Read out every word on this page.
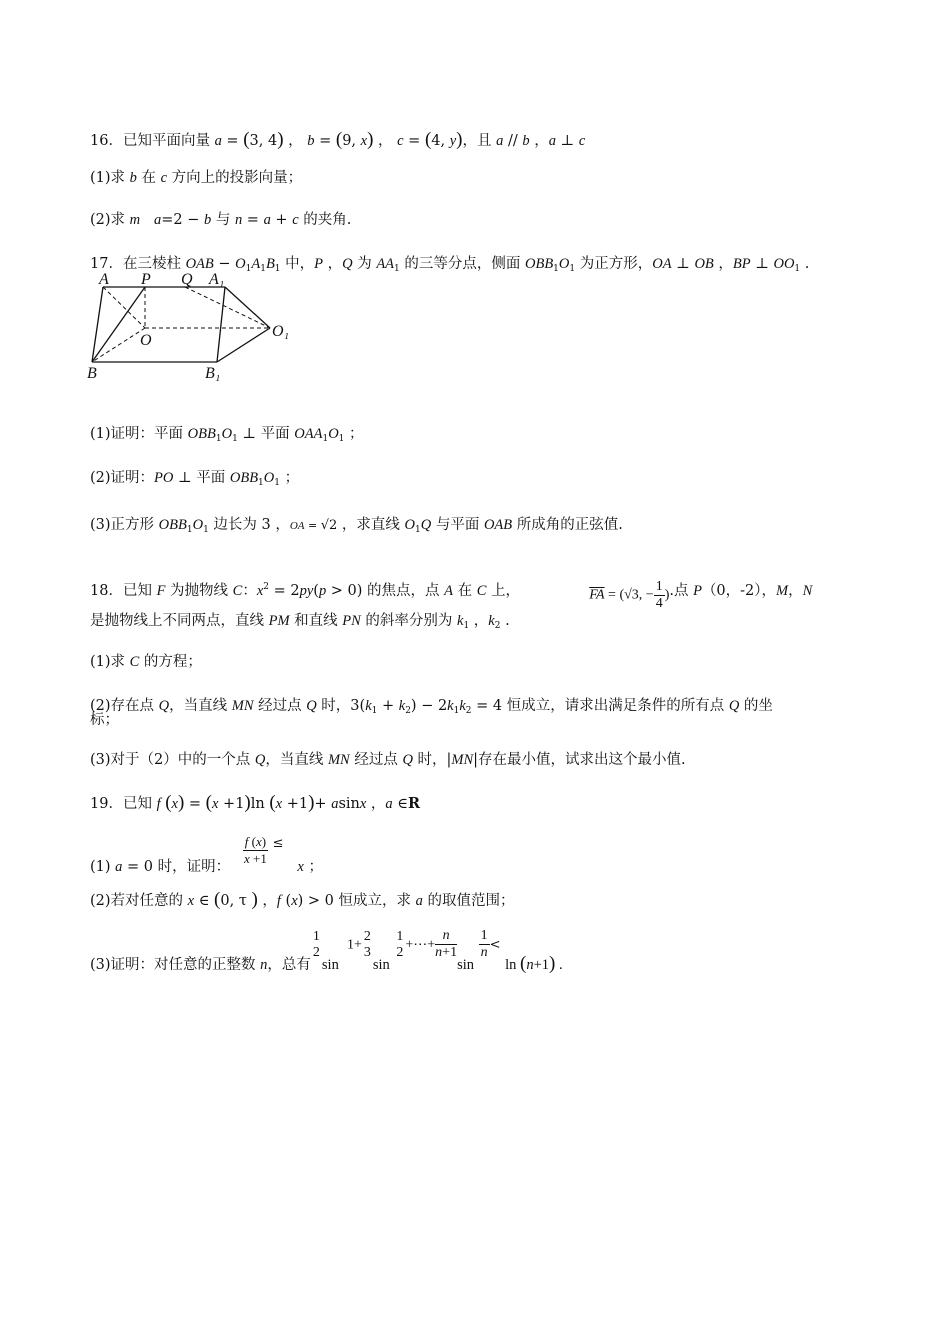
16．已知平面向量 a = (3, 4) ， b = (9, x) ， c = (4, y)，且 a // b ，a ⊥ c
(1)求 b 在 c 方向上的投影向量；
(2)求 m a=2 − b 与 n = a + c 的夹角.
17．在三棱柱 OAB − $O_1A_1B_1$ 中，P ，Q 为 $AA_1$ 的三等分点，侧面 $OBB_1O_1$ 为正方形，OA ⊥ OB ，BP ⊥ $OO_1$ .
A P Q A₁
O
O₁
B	B₁
(1)证明：平面 $OBB_1O_1$ ⊥ 平面 $OAA_1O_1$ ；
(2)证明：PO ⊥ 平面 $OBB_1O_1$ ；
(3)正方形 $OBB_1O_1$ 边长为 3 ，OA = √2 ，求直线 $O_1Q$ 与平面 OAB 所成角的正弦值.
18．已知 F 为抛物线 C：$x^2 = 2py(p > 0)$ 的焦点，点 A 在 C 上，	$\overline{FA} = (√3$, − $\frac{1}{4}$ ).点 P（0，-2），M，N
是抛物线上不同两点，直线 PM 和直线 PN 的斜率分别为 $k_1$ ，$k_2$ .
(1)求 C 的方程；
(2)存在点 Q，当直线 MN 经过点 Q 时，$3(k_1 + k_2) - 2k_1k_2 = 4$ 恒成立，请求出满足条件的所有点 Q 的坐
标；
(3)对于（2）中的一个点 Q，当直线 MN 经过点 Q 时，|MN|存在最小值，试求出这个最小值.
19．已知 f (x) = (x +1)ln (x +1)+ asinx ，a ∈R
(1) a = 0 时，证明： $\frac{f (x)}{x +1} \le x$ ；
(2)若对任意的 x ∈ (0, τ ) ，f (x) > 0 恒成立，求 a 的取值范围；
(3)证明：对任意的正整数 n，总有
1
2
sin  1+
2
3
sin
1
2 +⋯+ $\frac{n}{n+1}$
sin
$\frac{1}{n} < \ln (n+1)$ .
